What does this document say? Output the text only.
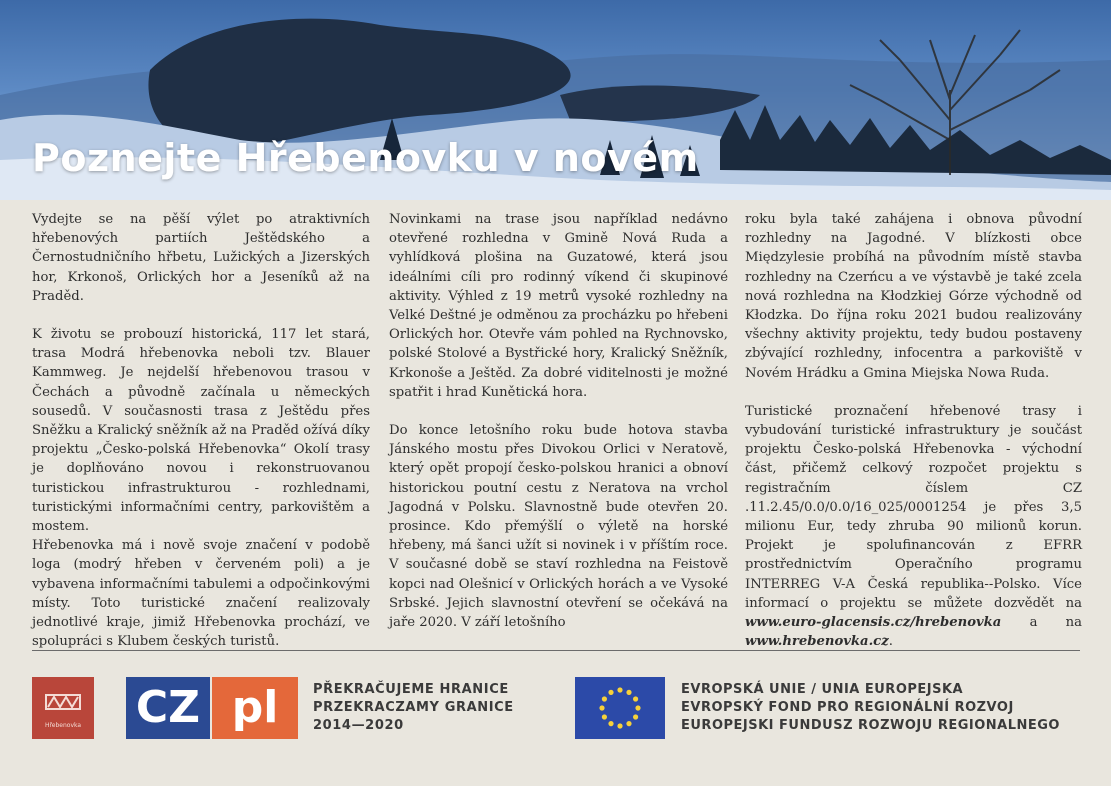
Poznejte Hřebenovku v novém

Vydejte se na pěší výlet po atraktivních hřebenových partiích Ještědského a Černostudničního hřbetu, Lužických a Jizerských hor, Krkonoš, Orlických hor a Jeseníků až na Praděd.

K životu se probouzí historická, 117 let stará, trasa Modrá hřebenovka neboli tzv. Blauer Kammweg. Je nejdelší hřebenovou trasou v Čechách a původně začínala u německých sousedů. V současnosti trasa z Ještědu přes Sněžku a Kralický sněžník až na Praděd ožívá díky projektu „Česko-polská Hřebenovka“ Okolí trasy je doplňováno novou i rekonstruovanou turistickou infrastrukturou - rozhlednami, turistickými informačními centry, parkovištěm a mostem.

Hřebenovka má i nově svoje značení v podobě loga (modrý hřeben v červeném poli) a je vybavena informačními tabulemi a odpočinkovými místy. Toto turistické značení realizovaly jednotlivé kraje, jimiž Hřebenovka prochází, ve spolupráci s Klubem českých turistů.

Novinkami na trase jsou například nedávno otevřené rozhledna v Gmině Nová Ruda a vyhlídková plošina na Guzatowé, která jsou ideálními cíli pro rodinný víkend či skupinové aktivity. Výhled z 19 metrů vysoké rozhledny na Velké Deštné je odměnou za procházku po hřebeni Orlických hor. Otevře vám pohled na Rychnovsko, polské Stolové a Bystřické hory, Kralický Sněžník, Krkonoše a Ještěd. Za dobré viditelnosti je možné spatřit i hrad Kunětická hora.

Do konce letošního roku bude hotova stavba Jánského mostu přes Divokou Orlici v Neratově, který opět propojí česko-polskou hranici a obnoví historickou poutní cestu z Neratova na vrchol Jagodná v Polsku. Slavnostně bude otevřen 20. prosince. Kdo přemýšlí o výletě na horské hřebeny, má šanci užít si novinek i v příštím roce. V současné době se staví rozhledna na Feistově kopci nad Olešnicí v Orlických horách a ve Vysoké Srbské. Jejich slavnostní otevření se očekává na jaře 2020. V září letošního

roku byla také zahájena i obnova původní rozhledny na Jagodné. V blízkosti obce Międzylesie probíhá na původním místě stavba rozhledny na Czerńcu a ve výstavbě je také zcela nová rozhledna na Kłodzkiej Górze východně od Kłodzka. Do října roku 2021 budou realizovány všechny aktivity projektu, tedy budou postaveny zbývající rozhledny, infocentra a parkoviště v Novém Hrádku a Gmina Miejska Nowa Ruda.

Turistické proznačení hřebenové trasy i vybudování turistické infrastruktury je součást projektu Česko-polská Hřebenovka - východní část, přičemž celkový rozpočet projektu s registračním číslem CZ .11.2.45/0.0/0.0/16_025/0001254 je přes 3,5 milionu Eur, tedy zhruba 90 milionů korun. Projekt je spolufinancován z EFRR prostřednictvím Operačního programu INTERREG V-A Česká republika--Polsko. Více informací o projektu se můžete dozvědět na www.euro-glacensis.cz/hrebenovka a na www.hrebenovka.cz.

Hřebenovka CZ pl	PŘEKRAČUJEME HRANICE
PRZEKRACZAMY GRANICE
2014—2020
EVROPSKÁ UNIE / UNIA EUROPEJSKA
EVROPSKÝ FOND PRO REGIONÁLNÍ ROZVOJ
EUROPEJSKI FUNDUSZ ROZWOJU REGIONALNEGO
